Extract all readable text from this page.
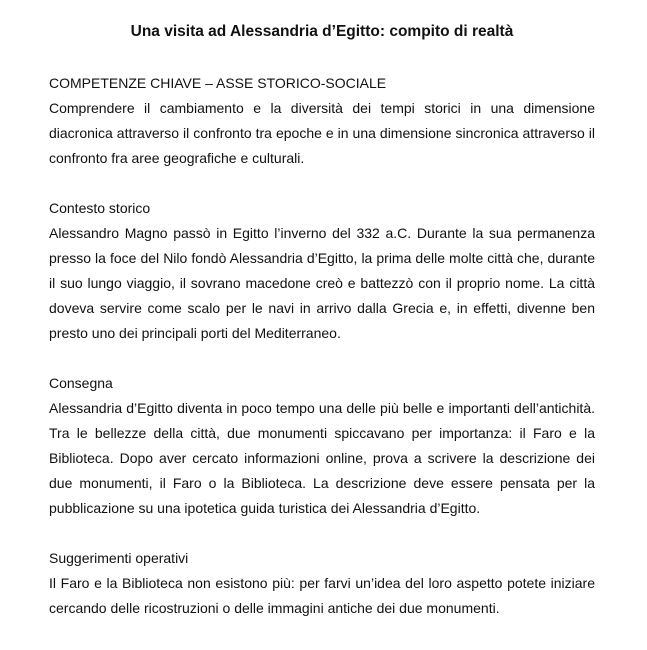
Una visita ad Alessandria d’Egitto: compito di realtà

COMPETENZE CHIAVE – ASSE STORICO-SOCIALE

Comprendere il cambiamento e la diversità dei tempi storici in una dimensione diacronica attraverso il confronto tra epoche e in una dimensione sincronica attraverso il confronto fra aree geografiche e culturali.

Contesto storico

Alessandro Magno passò in Egitto l’inverno del 332 a.C. Durante la sua permanenza presso la foce del Nilo fondò Alessandria d’Egitto, la prima delle molte città che, durante il suo lungo viaggio, il sovrano macedone creò e battezzò con il proprio nome. La città doveva servire come scalo per le navi in arrivo dalla Grecia e, in effetti, divenne ben presto uno dei principali porti del Mediterraneo.

Consegna

Alessandria d’Egitto diventa in poco tempo una delle più belle e importanti dell’antichità. Tra le bellezze della città, due monumenti spiccavano per importanza: il Faro e la Biblioteca. Dopo aver cercato informazioni online, prova a scrivere la descrizione dei due monumenti, il Faro o la Biblioteca. La descrizione deve essere pensata per la pubblicazione su una ipotetica guida turistica dei Alessandria d’Egitto.

Suggerimenti operativi

Il Faro e la Biblioteca non esistono più: per farvi un’idea del loro aspetto potete iniziare cercando delle ricostruzioni o delle immagini antiche dei due monumenti.
